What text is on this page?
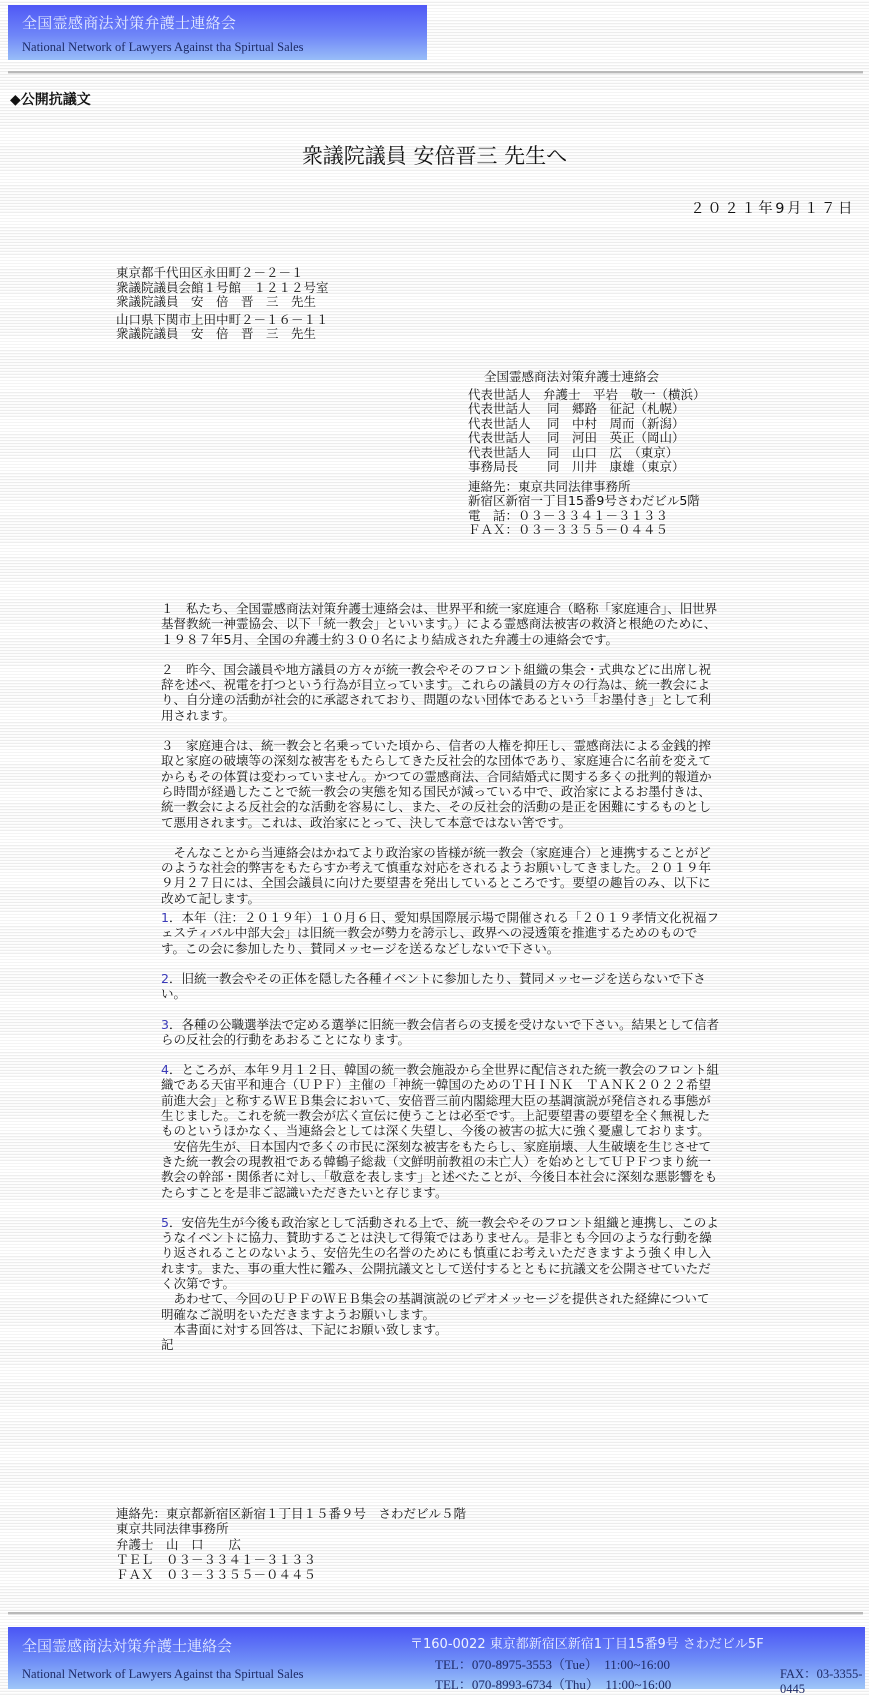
全国霊感商法対策弁護士連絡会
National Network of Lawyers Against tha Spirtual Sales
◆公開抗議文
衆議院議員 安倍晋三 先生へ
２０２１年9月１７日
東京都千代田区永田町２－２－１
衆議院議員会館１号館　１２１２号室
衆議院議員　安　倍　晋　三　先生
山口県下関市上田中町２－１６－１１
衆議院議員　安　倍　晋　三　先生
全国霊感商法対策弁護士連絡会
代表世話人　弁護士　平岩　敬一（横浜）
代表世話人　 同　郷路　征記（札幌）
代表世話人　 同　中村　周而（新潟）
代表世話人　 同　河田　英正（岡山）
代表世話人　 同　山口　広　（東京）
事務局長　　 同　川井　康雄（東京）
連絡先：東京共同法律事務所
新宿区新宿一丁目15番9号さわだビル5階
電　話：０３－３３４１－３１３３
ＦＡＸ：０３－３３５５－０４４５

１　私たち、全国霊感商法対策弁護士連絡会は、世界平和統一家庭連合（略称「家庭連合」、旧世界基督教統一神霊協会、以下「統一教会」といいます。）による霊感商法被害の救済と根絶のために、１９８７年5月、全国の弁護士約３００名により結成された弁護士の連絡会です。

２　昨今、国会議員や地方議員の方々が統一教会やそのフロント組織の集会・式典などに出席し祝辞を述べ、祝電を打つという行為が目立っています。これらの議員の方々の行為は、統一教会により、自分達の活動が社会的に承認されており、問題のない団体であるという「お墨付き」として利用されます。

３　家庭連合は、統一教会と名乗っていた頃から、信者の人権を抑圧し、霊感商法による金銭的搾取と家庭の破壊等の深刻な被害をもたらしてきた反社会的な団体であり、家庭連合に名前を変えてからもその体質は変わっていません。かつての霊感商法、合同結婚式に関する多くの批判的報道から時間が経過したことで統一教会の実態を知る国民が減っている中で、政治家によるお墨付きは、統一教会による反社会的な活動を容易にし、また、その反社会的活動の是正を困難にするものとして悪用されます。これは、政治家にとって、決して本意ではない筈です。

　そんなことから当連絡会はかねてより政治家の皆様が統一教会（家庭連合）と連携することがどのような社会的弊害をもたらすか考えて慎重な対応をされるようお願いしてきました。２０１９年９月２７日には、全国会議員に向けた要望書を発出しているところです。要望の趣旨のみ、以下に改めて記します。

1．本年（注：２０１９年）１０月６日、愛知県国際展示場で開催される「２０１９孝情文化祝福フェスティバル中部大会」は旧統一教会が勢力を誇示し、政界への浸透策を推進するためのものです。この会に参加したり、賛同メッセージを送るなどしないで下さい。

2．旧統一教会やその正体を隠した各種イベントに参加したり、賛同メッセージを送らないで下さい。

3．各種の公職選挙法で定める選挙に旧統一教会信者らの支援を受けないで下さい。結果として信者らの反社会的行動をあおることになります。

4．ところが、本年９月１２日、韓国の統一教会施設から全世界に配信された統一教会のフロント組織である天宙平和連合（ＵＰＦ）主催の「神統一韓国のためのＴＨＩＮＫ　ＴＡＮＫ２０２２希望前進大会」と称するＷＥＢ集会において、安倍晋三前内閣総理大臣の基調演説が発信される事態が生じました。これを統一教会が広く宣伝に使うことは必至です。上記要望書の要望を全く無視したものというほかなく、当連絡会としては深く失望し、今後の被害の拡大に強く憂慮しております。

　安倍先生が、日本国内で多くの市民に深刻な被害をもたらし、家庭崩壊、人生破壊を生じさせてきた統一教会の現教祖である韓鶴子総裁（文鮮明前教祖の未亡人）を始めとしてＵＰＦつまり統一教会の幹部・関係者に対し、「敬意を表します」と述べたことが、今後日本社会に深刻な悪影響をもたらすことを是非ご認識いただきたいと存じます。

5．安倍先生が今後も政治家として活動される上で、統一教会やそのフロント組織と連携し、このようなイベントに協力、賛助することは決して得策ではありません。是非とも今回のような行動を繰り返されることのないよう、安倍先生の名誉のためにも慎重にお考えいただきますよう強く申し入れます。また、事の重大性に鑑み、公開抗議文として送付するとともに抗議文を公開させていただく次第です。

　あわせて、今回のＵＰＦのＷＥＢ集会の基調演説のビデオメッセージを提供された経緯について明確なご説明をいただきますようお願いします。

　本書面に対する回答は、下記にお願い致します。

記

連絡先：東京都新宿区新宿１丁目１５番９号　さわだビル５階
東京共同法律事務所
弁護士　山　口　　広
ＴＥＬ　０３－３３４１－３１３３
ＦＡＸ　０３－３３５５－０４４５
全国霊感商法対策弁護士連絡会
National Network of Lawyers Against tha Spirtual Sales
〒160-0022 東京都新宿区新宿1丁目15番9号 さわだビル5F
TEL：070-8975-3553（Tue）  11:00~16:00
TEL：070-8993-6734（Thu）  11:00~16:00
FAX：03-3355-0445
